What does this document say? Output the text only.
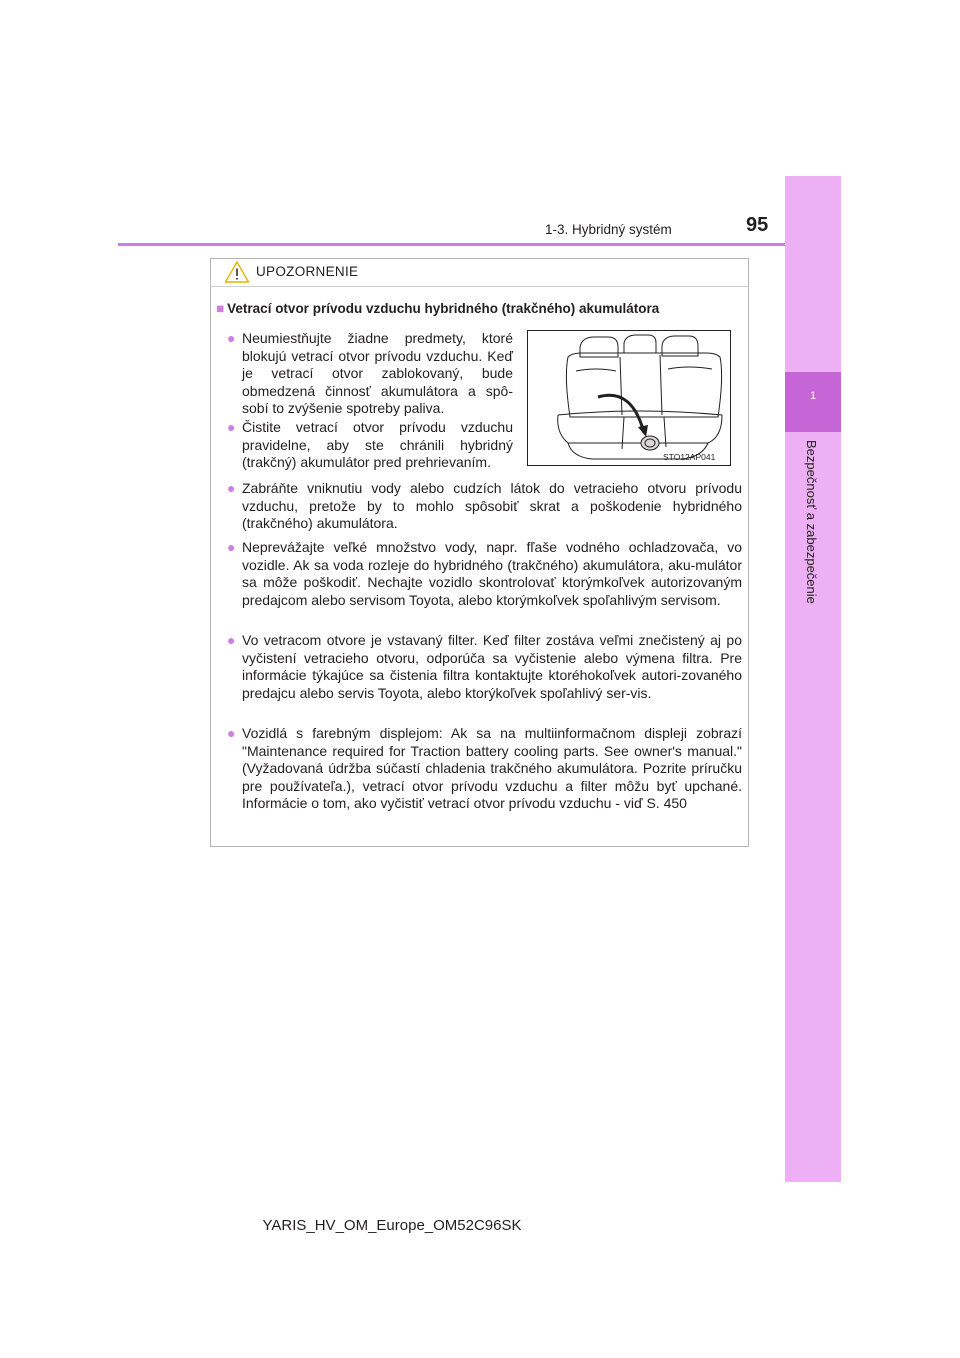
1
Bezpečnosť a zabezpečenie
1-3. Hybridný systém	95
UPOZORNENIE
■ Vetrací otvor prívodu vzduchu hybridného (trakčného) akumulátora
● Neumiestňujte žiadne predmety, ktoré blokujú vetrací otvor prívodu vzduchu. Keď je vetrací otvor zablokovaný, bude obmedzená činnosť akumulátora a spô-sobí to zvýšenie spotreby paliva.
● Čistite vetrací otvor prívodu vzduchu pravidelne, aby ste chránili hybridný (trakčný) akumulátor pred prehrievaním.	STO12AP041
● Zabráňte vniknutiu vody alebo cudzích látok do vetracieho otvoru prívodu vzduchu, pretože by to mohlo spôsobiť skrat a poškodenie hybridného (trakčného) akumulátora.
● Neprevážajte veľké množstvo vody, napr. fľaše vodného ochladzovača, vo vozidle. Ak sa voda rozleje do hybridného (trakčného) akumulátora, aku-mulátor sa môže poškodiť. Nechajte vozidlo skontrolovať ktorýmkoľvek autorizovaným predajcom alebo servisom Toyota, alebo ktorýmkoľvek spoľahlivým servisom.
● Vo vetracom otvore je vstavaný filter. Keď filter zostáva veľmi znečistený aj po vyčistení vetracieho otvoru, odporúča sa vyčistenie alebo výmena filtra. Pre informácie týkajúce sa čistenia filtra kontaktujte ktoréhokoľvek autori-zovaného predajcu alebo servis Toyota, alebo ktorýkoľvek spoľahlivý ser-vis.
● Vozidlá s farebným displejom: Ak sa na multiinformačnom displeji zobrazí "Maintenance required for Traction battery cooling parts. See owner's manual." (Vyžadovaná údržba súčastí chladenia trakčného akumulátora. Pozrite príručku pre používateľa.), vetrací otvor prívodu vzduchu a filter môžu byť upchané. Informácie o tom, ako vyčistiť vetrací otvor prívodu vzduchu - viď S. 450
YARIS_HV_OM_Europe_OM52C96SK
